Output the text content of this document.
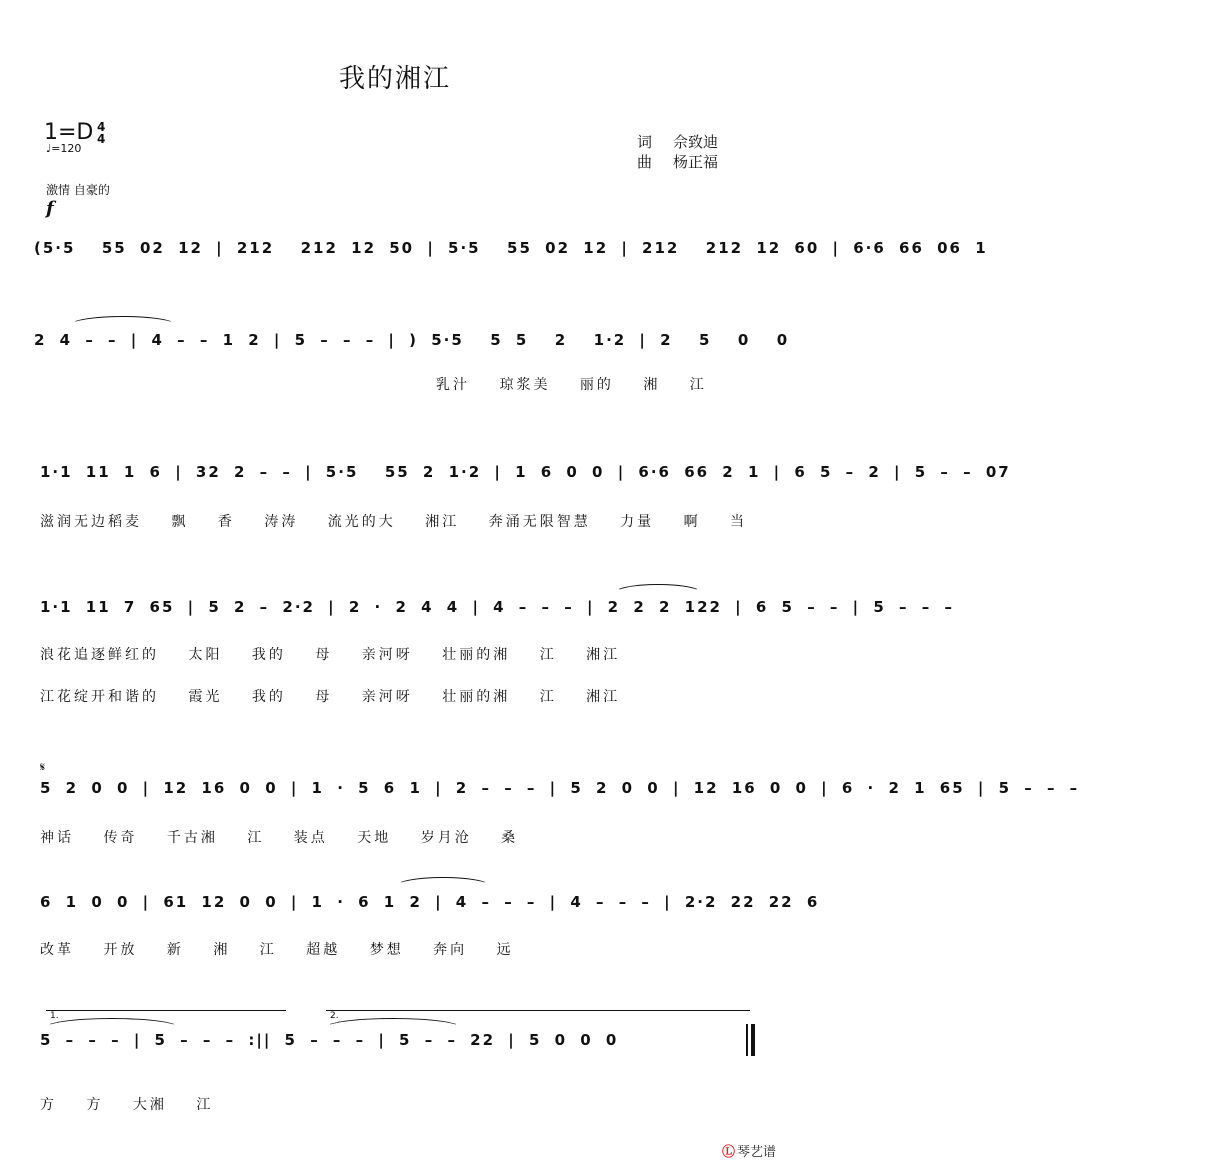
我的湘江
1=D 4
4
♩=120	词 佘致迪
曲 杨正福
激情 自豪的
f
(5·5  55 02 12 | 212  212 12 50 | 5·5  55 02 12 | 212  212 12 60 | 6·6 66 06 1
2 4 – – | 4 – – 1 2 | 5 – – – | ) 5·5  5 5  2  1·2 | 2  5  0  0
乳汁 琼浆美 丽的 湘 江
1·1 11 1 6 | 32 2 – – | 5·5  55 2 1·2 | 1 6 0 0 | 6·6 66 2 1 | 6 5 – 2 | 5 – – 07
滋润无边稻麦 飘 香 涛涛 流光的大 湘江 奔涌无限智慧 力量 啊 当
1·1 11 7 65 | 5 2 – 2·2 | 2 · 2 4 4 | 4 – – – | 2 2 2 122 | 6 5 – – | 5 – – –
浪花追逐鲜红的 太阳 我的 母 亲河呀 壮丽的湘 江 湘江
江花绽开和谐的 霞光 我的 母 亲河呀 壮丽的湘 江 湘江
𝄋
5 2 0 0 | 12 16 0 0 | 1 · 5 6 1 | 2 – – – | 5 2 0 0 | 12 16 0 0 | 6 · 2 1 65 | 5 – – –
神话 传奇 千古湘 江 装点 天地 岁月沧 桑
6 1 0 0 | 61 12 0 0 | 1 · 6 1 2 | 4 – – – | 4 – – – | 2·2 22 22 6
改革 开放 新 湘 江 超越 梦想 奔向 远
1.	2.
5 – – – | 5 – – – :|| 5 – – – | 5 – – 22 | 5 0 0 0
方 方 大湘 江
Ⓛ 琴艺谱
